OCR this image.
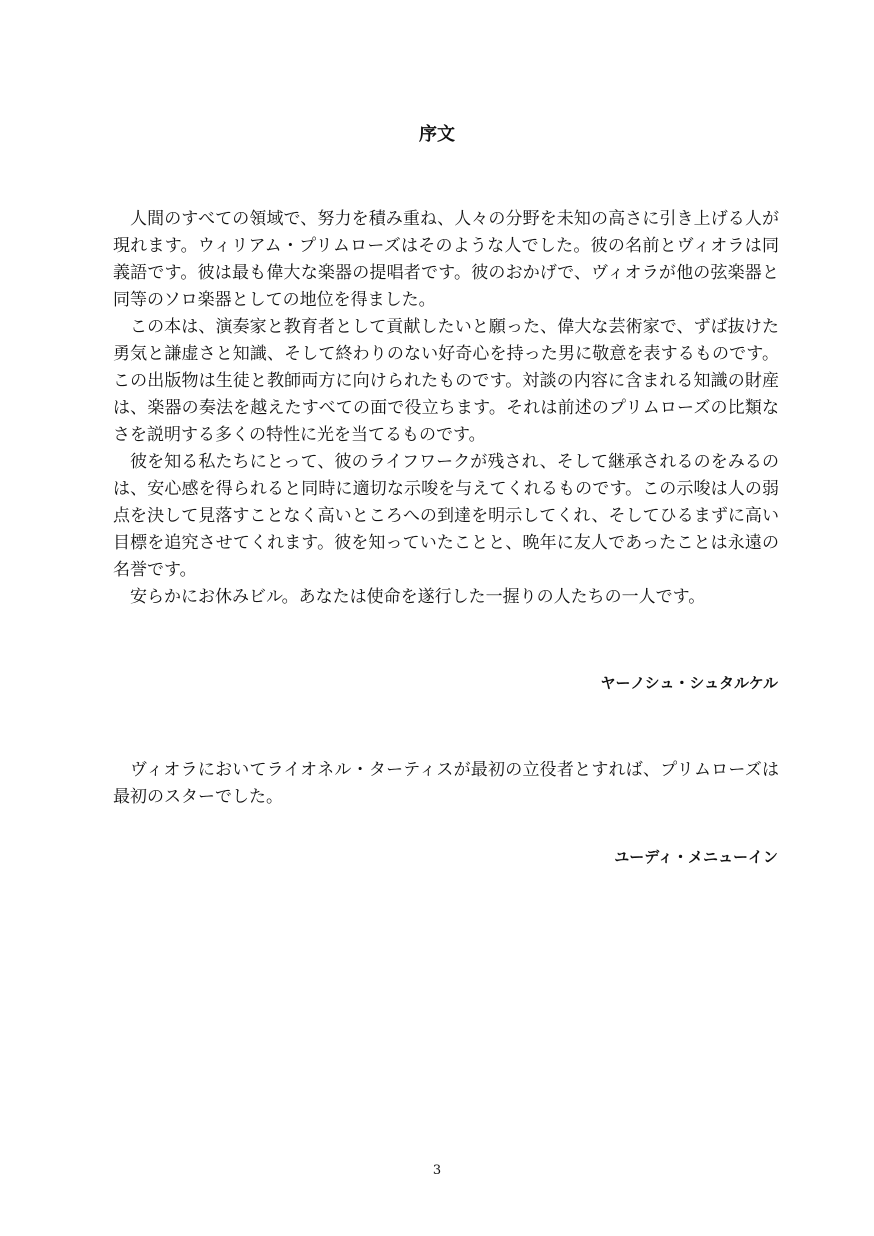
序文

人間のすべての領域で、努力を積み重ね、人々の分野を未知の高さに引き上げる人が現れます。ウィリアム・プリムローズはそのような人でした。彼の名前とヴィオラは同義語です。彼は最も偉大な楽器の提唱者です。彼のおかげで、ヴィオラが他の弦楽器と同等のソロ楽器としての地位を得ました。

この本は、演奏家と教育者として貢献したいと願った、偉大な芸術家で、ずば抜けた勇気と謙虚さと知識、そして終わりのない好奇心を持った男に敬意を表するものです。この出版物は生徒と教師両方に向けられたものです。対談の内容に含まれる知識の財産は、楽器の奏法を越えたすべての面で役立ちます。それは前述のプリムローズの比類なさを説明する多くの特性に光を当てるものです。

彼を知る私たちにとって、彼のライフワークが残され、そして継承されるのをみるのは、安心感を得られると同時に適切な示唆を与えてくれるものです。この示唆は人の弱点を決して見落すことなく高いところへの到達を明示してくれ、そしてひるまずに高い目標を追究させてくれます。彼を知っていたことと、晩年に友人であったことは永遠の名誉です。

安らかにお休みビル。あなたは使命を遂行した一握りの人たちの一人です。

ヤーノシュ・シュタルケル

ヴィオラにおいてライオネル・ターティスが最初の立役者とすれば、プリムローズは最初のスターでした。

ユーディ・メニューイン

3
